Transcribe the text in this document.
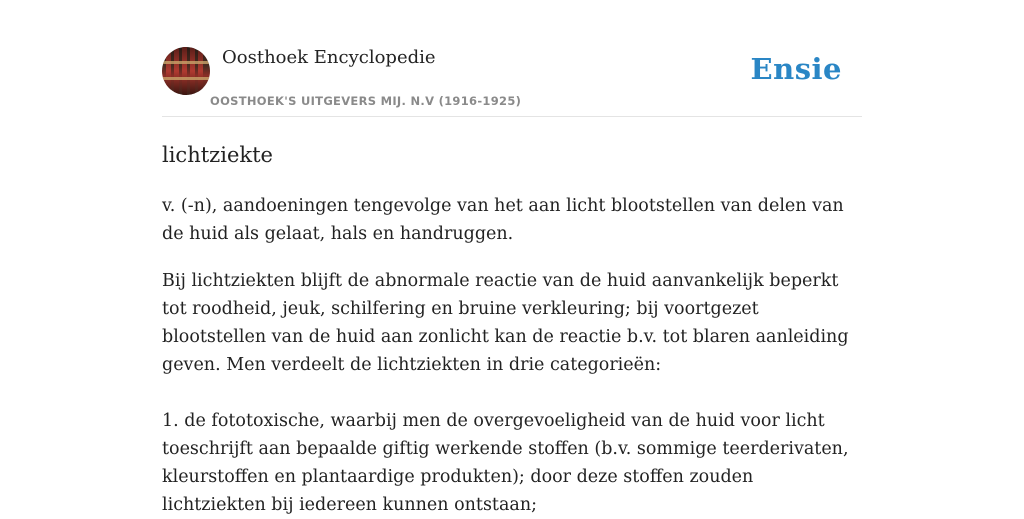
Oosthoek Encyclopedie
OOSTHOEK'S UITGEVERS MIJ. N.V (1916-1925)
Ensie
lichtziekte

v. (-n), aandoeningen tengevolge van het aan licht blootstellen van delen van de huid als gelaat, hals en handruggen.

Bij lichtziekten blijft de abnormale reactie van de huid aanvankelijk beperkt tot roodheid, jeuk, schilfering en bruine verkleuring; bij voortgezet blootstellen van de huid aan zonlicht kan de reactie b.v. tot blaren aanleiding geven. Men verdeelt de lichtziekten in drie categorieën:

1. de fototoxische, waarbij men de overgevoeligheid van de huid voor licht toeschrijft aan bepaalde giftig werkende stoffen (b.v. sommige teerderivaten, kleurstoffen en plantaardige produkten); door deze stoffen zouden lichtziekten bij iedereen kunnen ontstaan;
